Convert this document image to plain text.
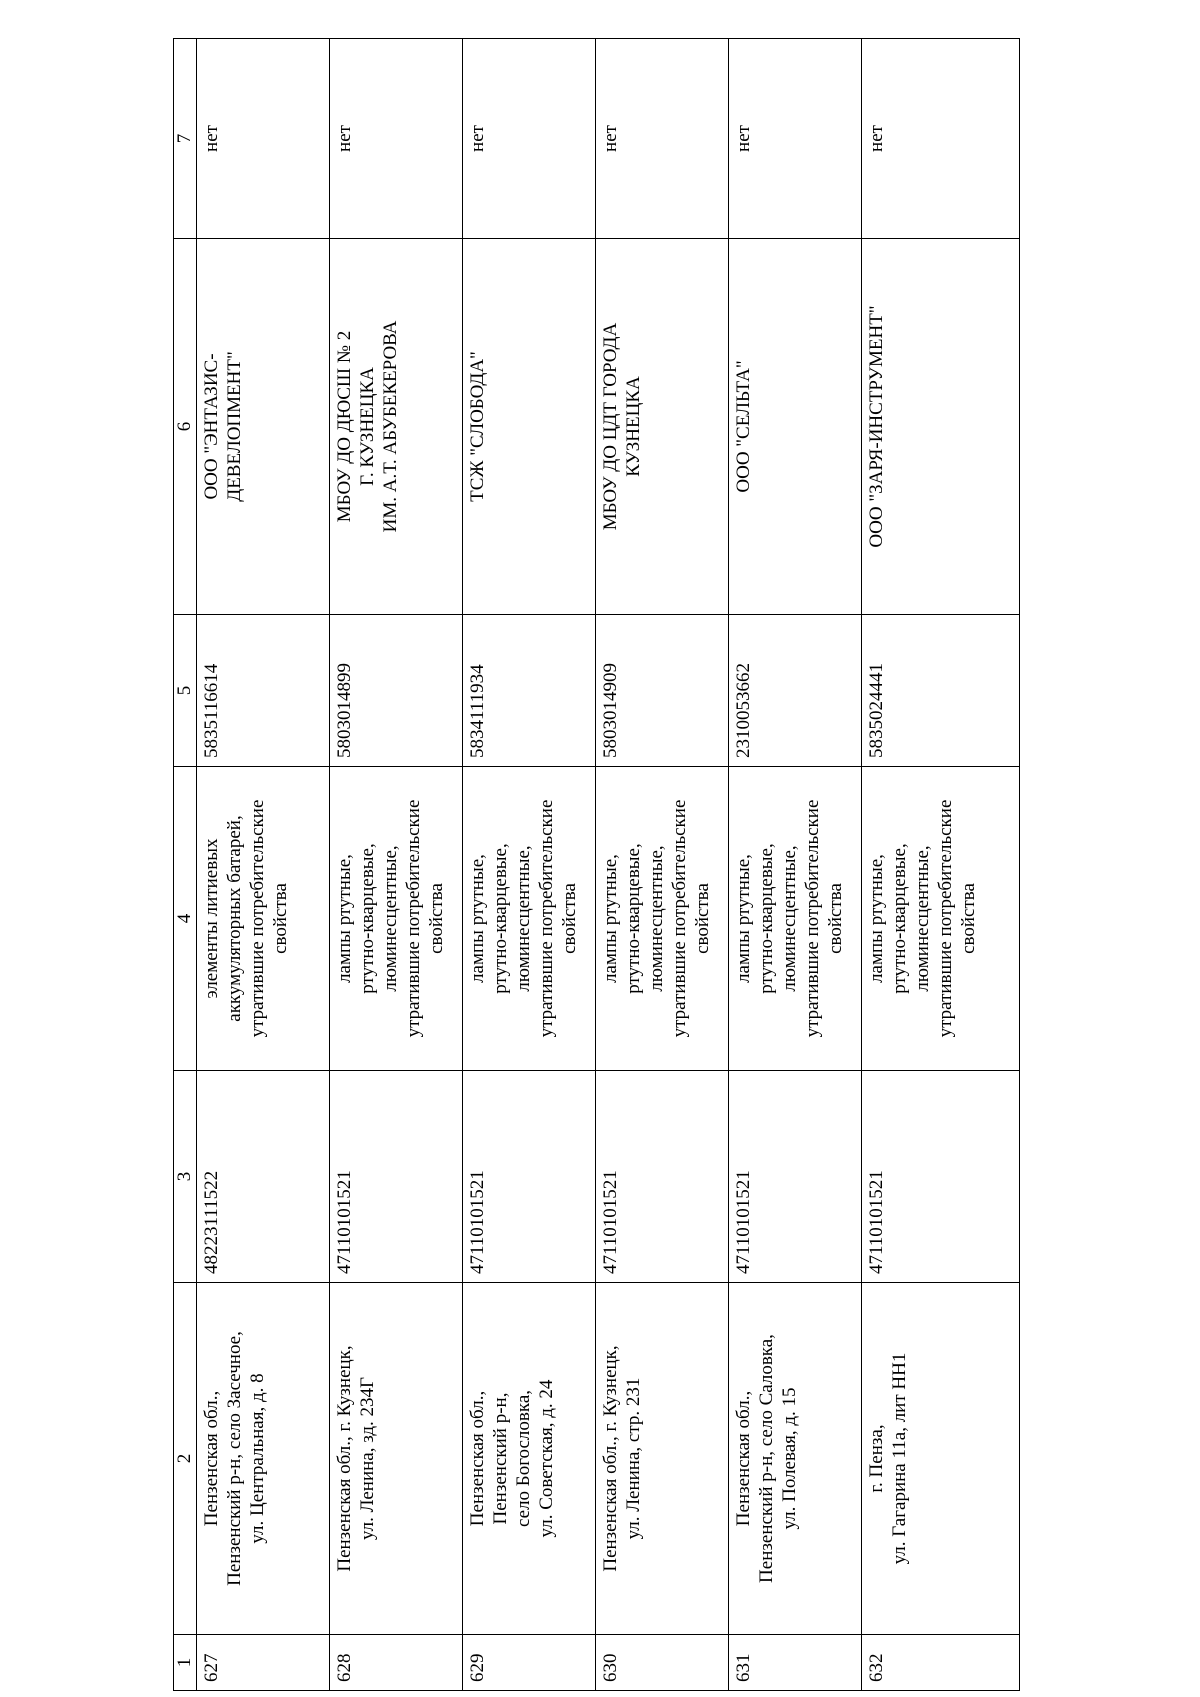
1	2	3	4	5	6	7
627	Пензенская обл.,
Пензенский р-н, село Засечное,
ул. Центральная, д. 8	48223111522	элементы литиевых
аккумуляторных батарей,
утратившие потребительские
свойства	5835116614	ООО "ЭНТАЗИС-
ДЕВЕЛОПМЕНТ"	нет
628	Пензенская обл., г. Кузнецк,
ул. Ленина, зд. 234Г	47110101521	лампы ртутные,
ртутно-кварцевые,
люминесцентные,
утратившие потребительские
свойства	5803014899	МБОУ ДО ДЮСШ № 2
Г. КУЗНЕЦКА
ИМ. А.Т. АБУБЕКЕРОВА	нет
629	Пензенская обл.,
Пензенский р-н,
село Богословка,
ул. Советская, д. 24	47110101521	лампы ртутные,
ртутно-кварцевые,
люминесцентные,
утратившие потребительские
свойства	5834111934	ТСЖ "СЛОБОДА"	нет
630	Пензенская обл., г. Кузнецк,
ул. Ленина, стр. 231	47110101521	лампы ртутные,
ртутно-кварцевые,
люминесцентные,
утратившие потребительские
свойства	5803014909	МБОУ ДО ЦДТ ГОРОДА
КУЗНЕЦКА	нет
631	Пензенская обл.,
Пензенский р-н, село Саловка,
ул. Полевая, д. 15	47110101521	лампы ртутные,
ртутно-кварцевые,
люминесцентные,
утратившие потребительские
свойства	2310053662	ООО "СЕЛЬТА"	нет
632	г. Пенза,
ул. Гагарина 11а, лит НН1	47110101521	лампы ртутные,
ртутно-кварцевые,
люминесцентные,
утратившие потребительские
свойства	5835024441	ООО "ЗАРЯ-ИНСТРУМЕНТ"	нет
